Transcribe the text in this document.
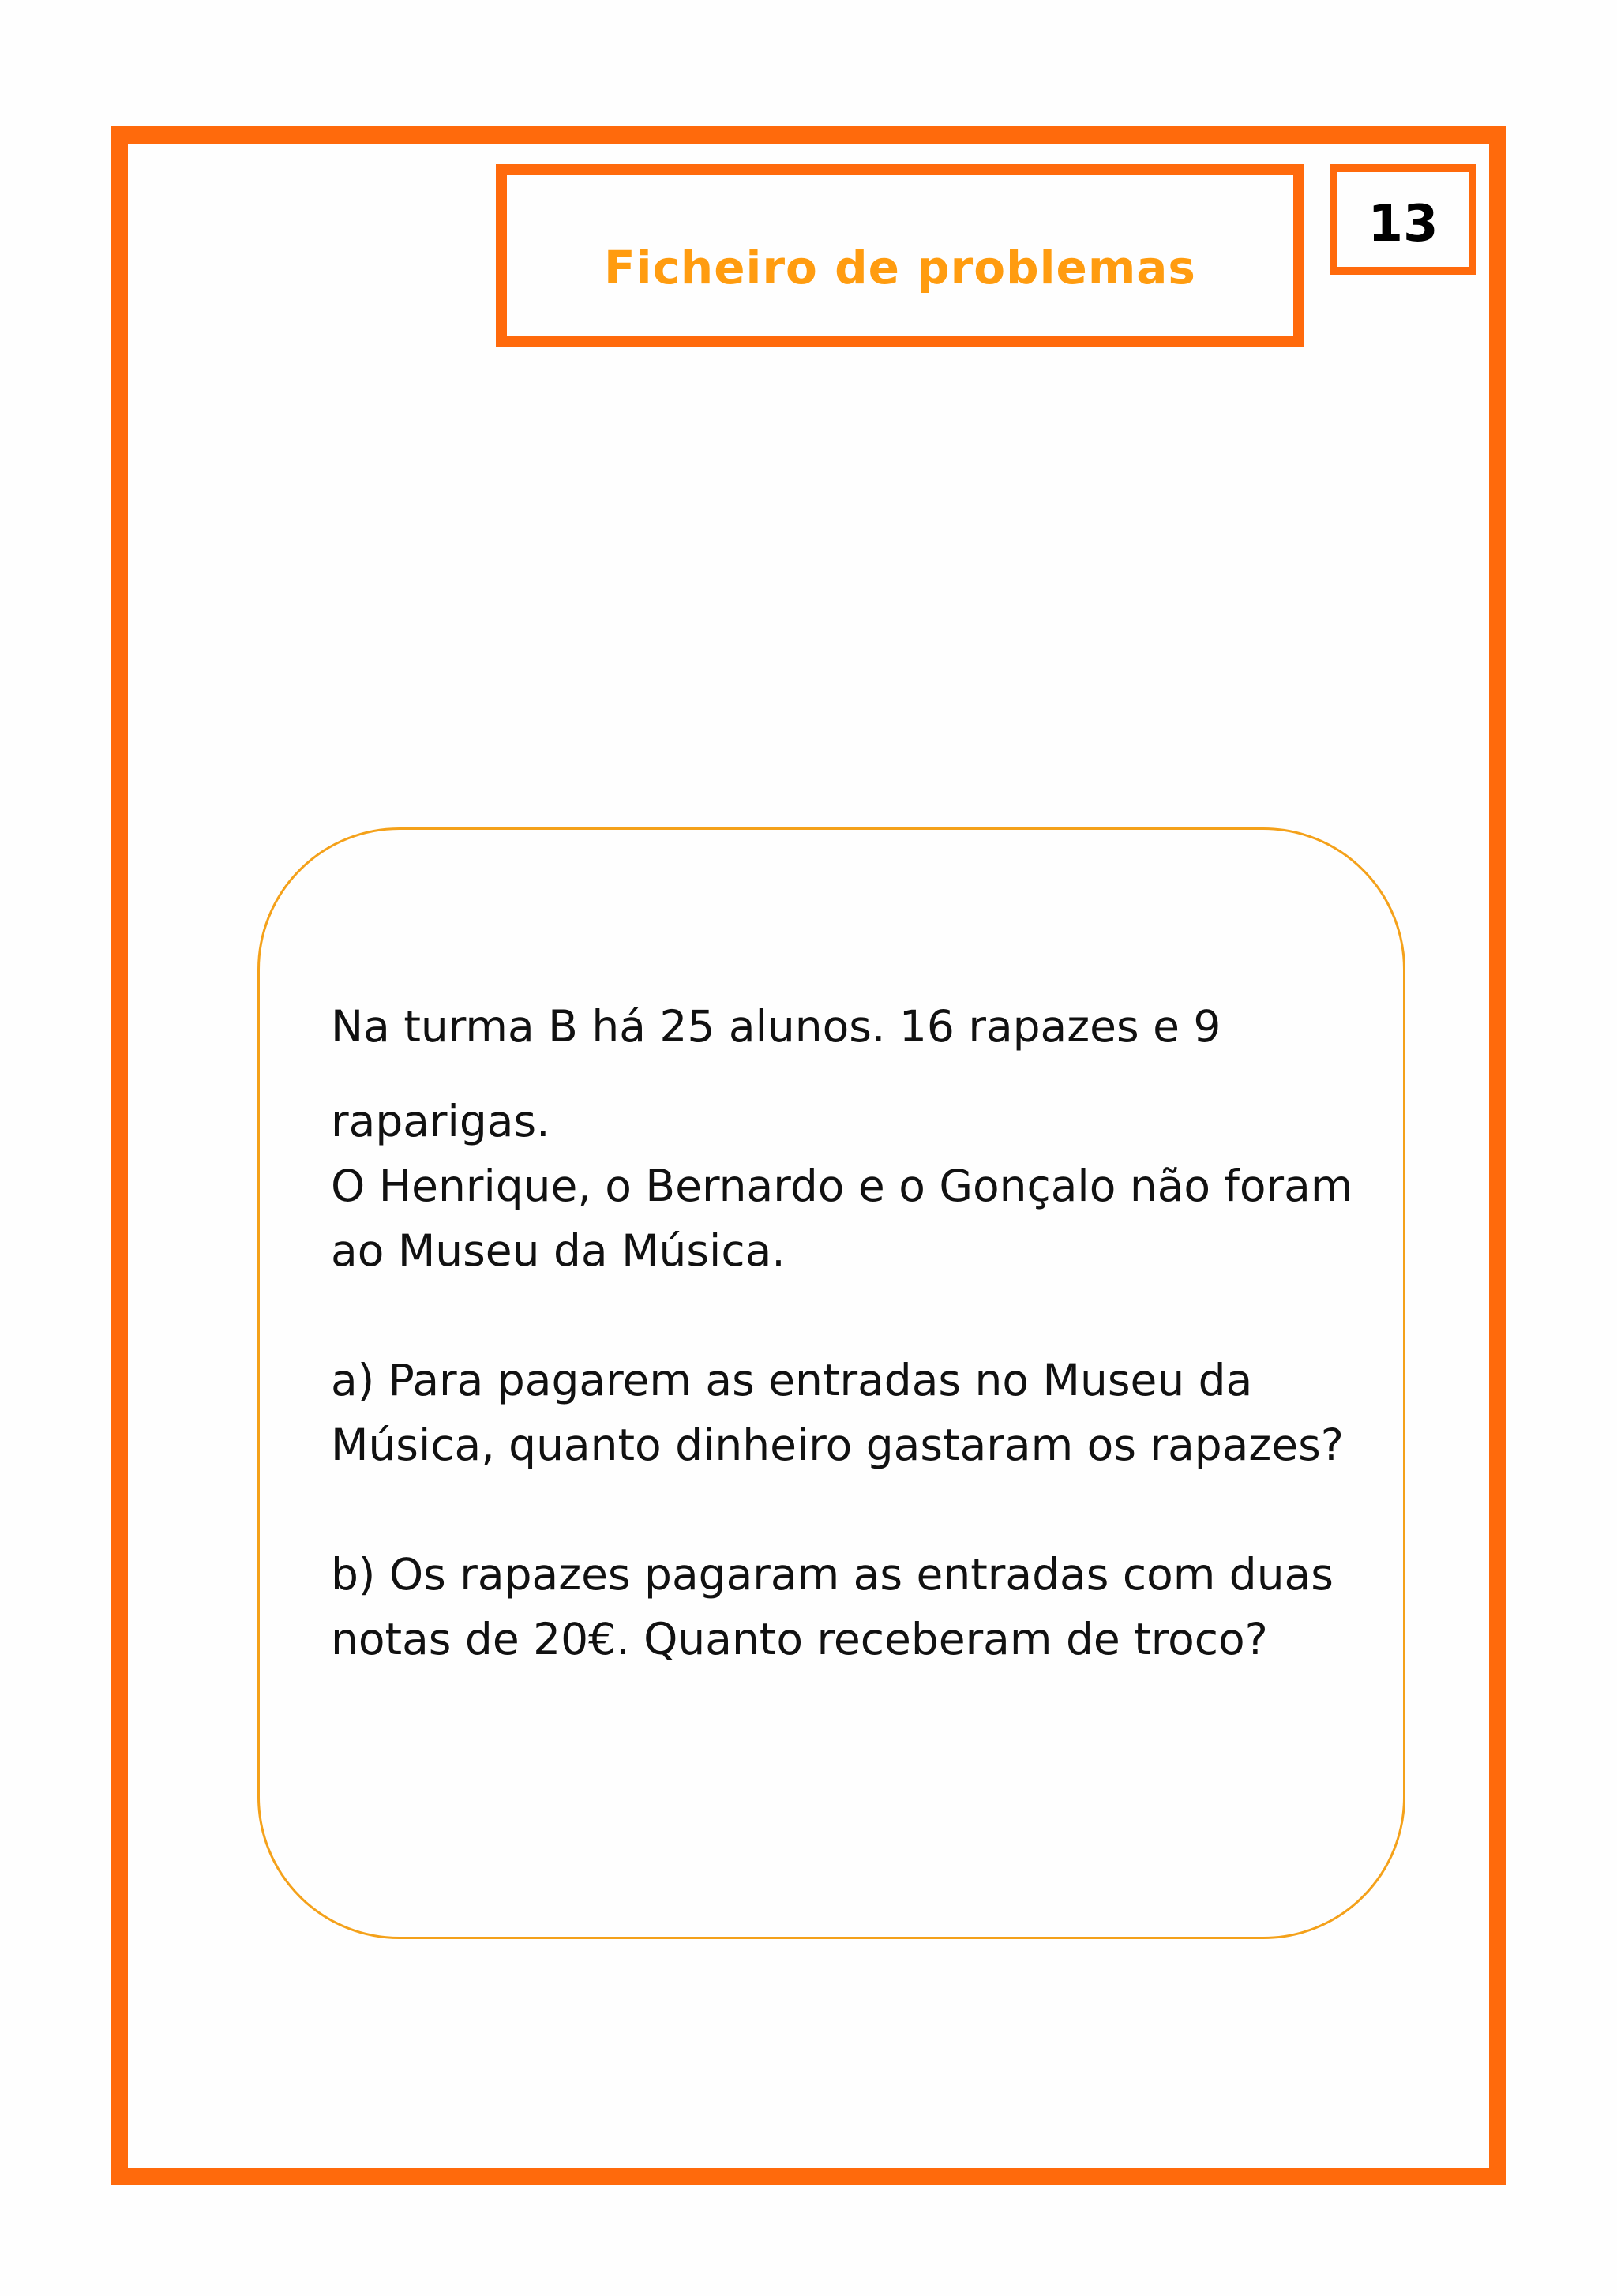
Ficheiro de problemas
13
Na turma B há 25 alunos. 16 rapazes e 9
raparigas.
O Henrique, o Bernardo e o Gonçalo não foram
ao Museu da Música.
a) Para pagarem as entradas no Museu da
Música, quanto dinheiro gastaram os rapazes?
b) Os rapazes pagaram as entradas com duas
notas de 20€. Quanto receberam de troco?
